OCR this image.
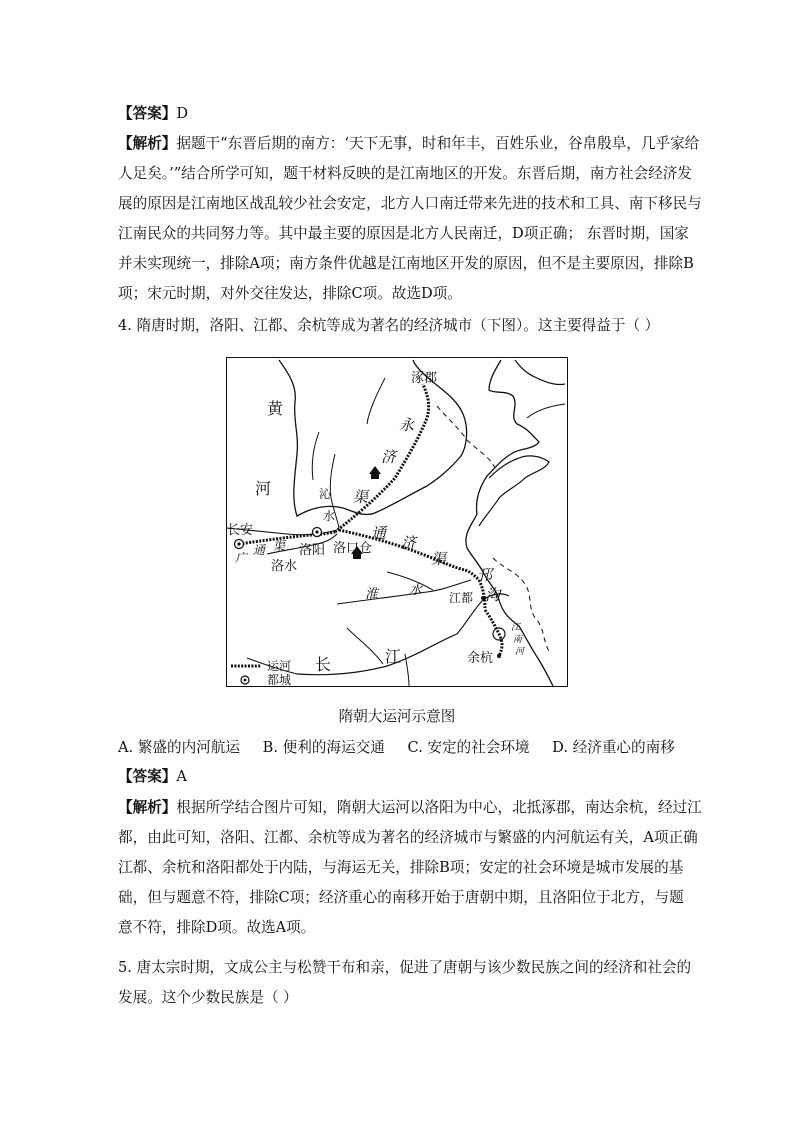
【答案】D

【解析】据题干“东晋后期的南方：‘天下无事，时和年丰，百姓乐业，谷帛殷阜，几乎家给

人足矣。’”结合所学可知，题干材料反映的是江南地区的开发。东晋后期，南方社会经济发

展的原因是江南地区战乱较少社会安定，北方人口南迁带来先进的技术和工具、南下移民与

江南民众的共同努力等。其中最主要的原因是北方人民南迁，D项正确； 东晋时期，国家

并未实现统一，排除A项；南方条件优越是江南地区开发的原因，但不是主要原因，排除B

项；宋元时期，对外交往发达，排除C项。故选D项。

4. 隋唐时期，洛阳、江都、余杭等成为著名的经济城市（下图）。这主要得益于（ ）

涿郡
永
济
渠
黄
河	沁
水
长安
广
通 渠
洛水
洛阳 洛口仓
通
济
渠
淮 水
邗
沟
江都
江
南
河
余杭
长	江
运河
都城
隋朝大运河示意图
A. 繁盛的内河航运 B. 便利的海运交通 C. 安定的社会环境 D. 经济重心的南移

【答案】A

【解析】根据所学结合图片可知，隋朝大运河以洛阳为中心，北抵涿郡，南达余杭，经过江

都，由此可知，洛阳、江都、余杭等成为著名的经济城市与繁盛的内河航运有关，A项正确

江都、余杭和洛阳都处于内陆，与海运无关，排除B项；安定的社会环境是城市发展的基

础，但与题意不符，排除C项；经济重心的南移开始于唐朝中期，且洛阳位于北方，与题

意不符，排除D项。故选A项。

5. 唐太宗时期，文成公主与松赞干布和亲，促进了唐朝与该少数民族之间的经济和社会的

发展。这个少数民族是（ ）
